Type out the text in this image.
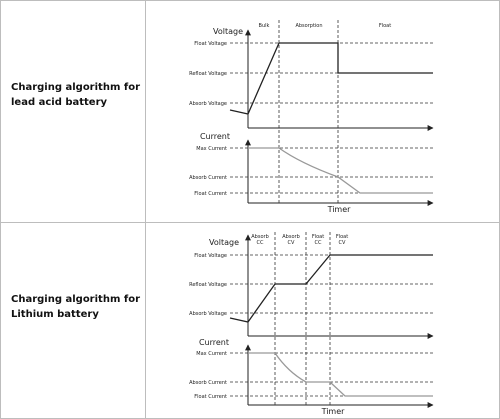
Charging algorithm for
lead acid battery
Charging algorithm for
Lithium battery
Voltage
Current
Timer
Bulk	Absorption	Float
Float Voltage
Refloat Voltage
Absorb Voltage
Max Current
Absorb Current
Float Current
Voltage
Current
Timer
Absorb
CC
Absorb
CV
Float
CC
Float
CV
Float Voltage
Refloat Voltage
Absorb Voltage
Max Current
Absorb Current
Float Current
